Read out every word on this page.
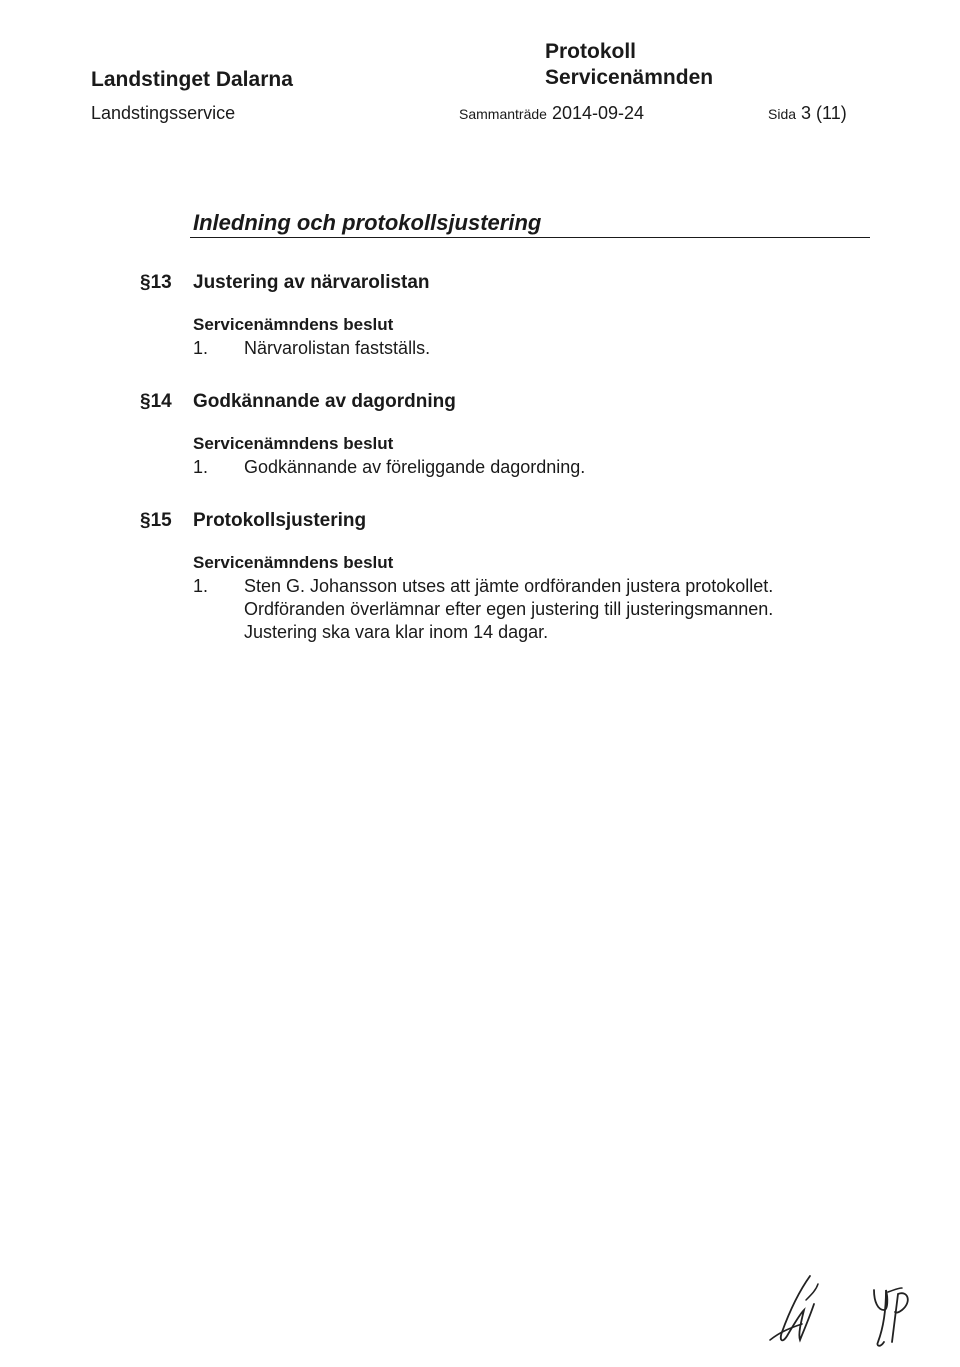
Landstinget Dalarna
Landstingsservice
Protokoll
Servicenämnden
Sammanträde 2014-09-24	Sida 3 (11)
Inledning och protokollsjustering
§13 Justering av närvarolistan
Servicenämndens beslut
1. Närvarolistan fastställs.
§14 Godkännande av dagordning
Servicenämndens beslut
1. Godkännande av föreliggande dagordning.
§15 Protokollsjustering
Servicenämndens beslut
1. Sten G. Johansson utses att jämte ordföranden justera protokollet.
Ordföranden överlämnar efter egen justering till justeringsmannen.
Justering ska vara klar inom 14 dagar.
